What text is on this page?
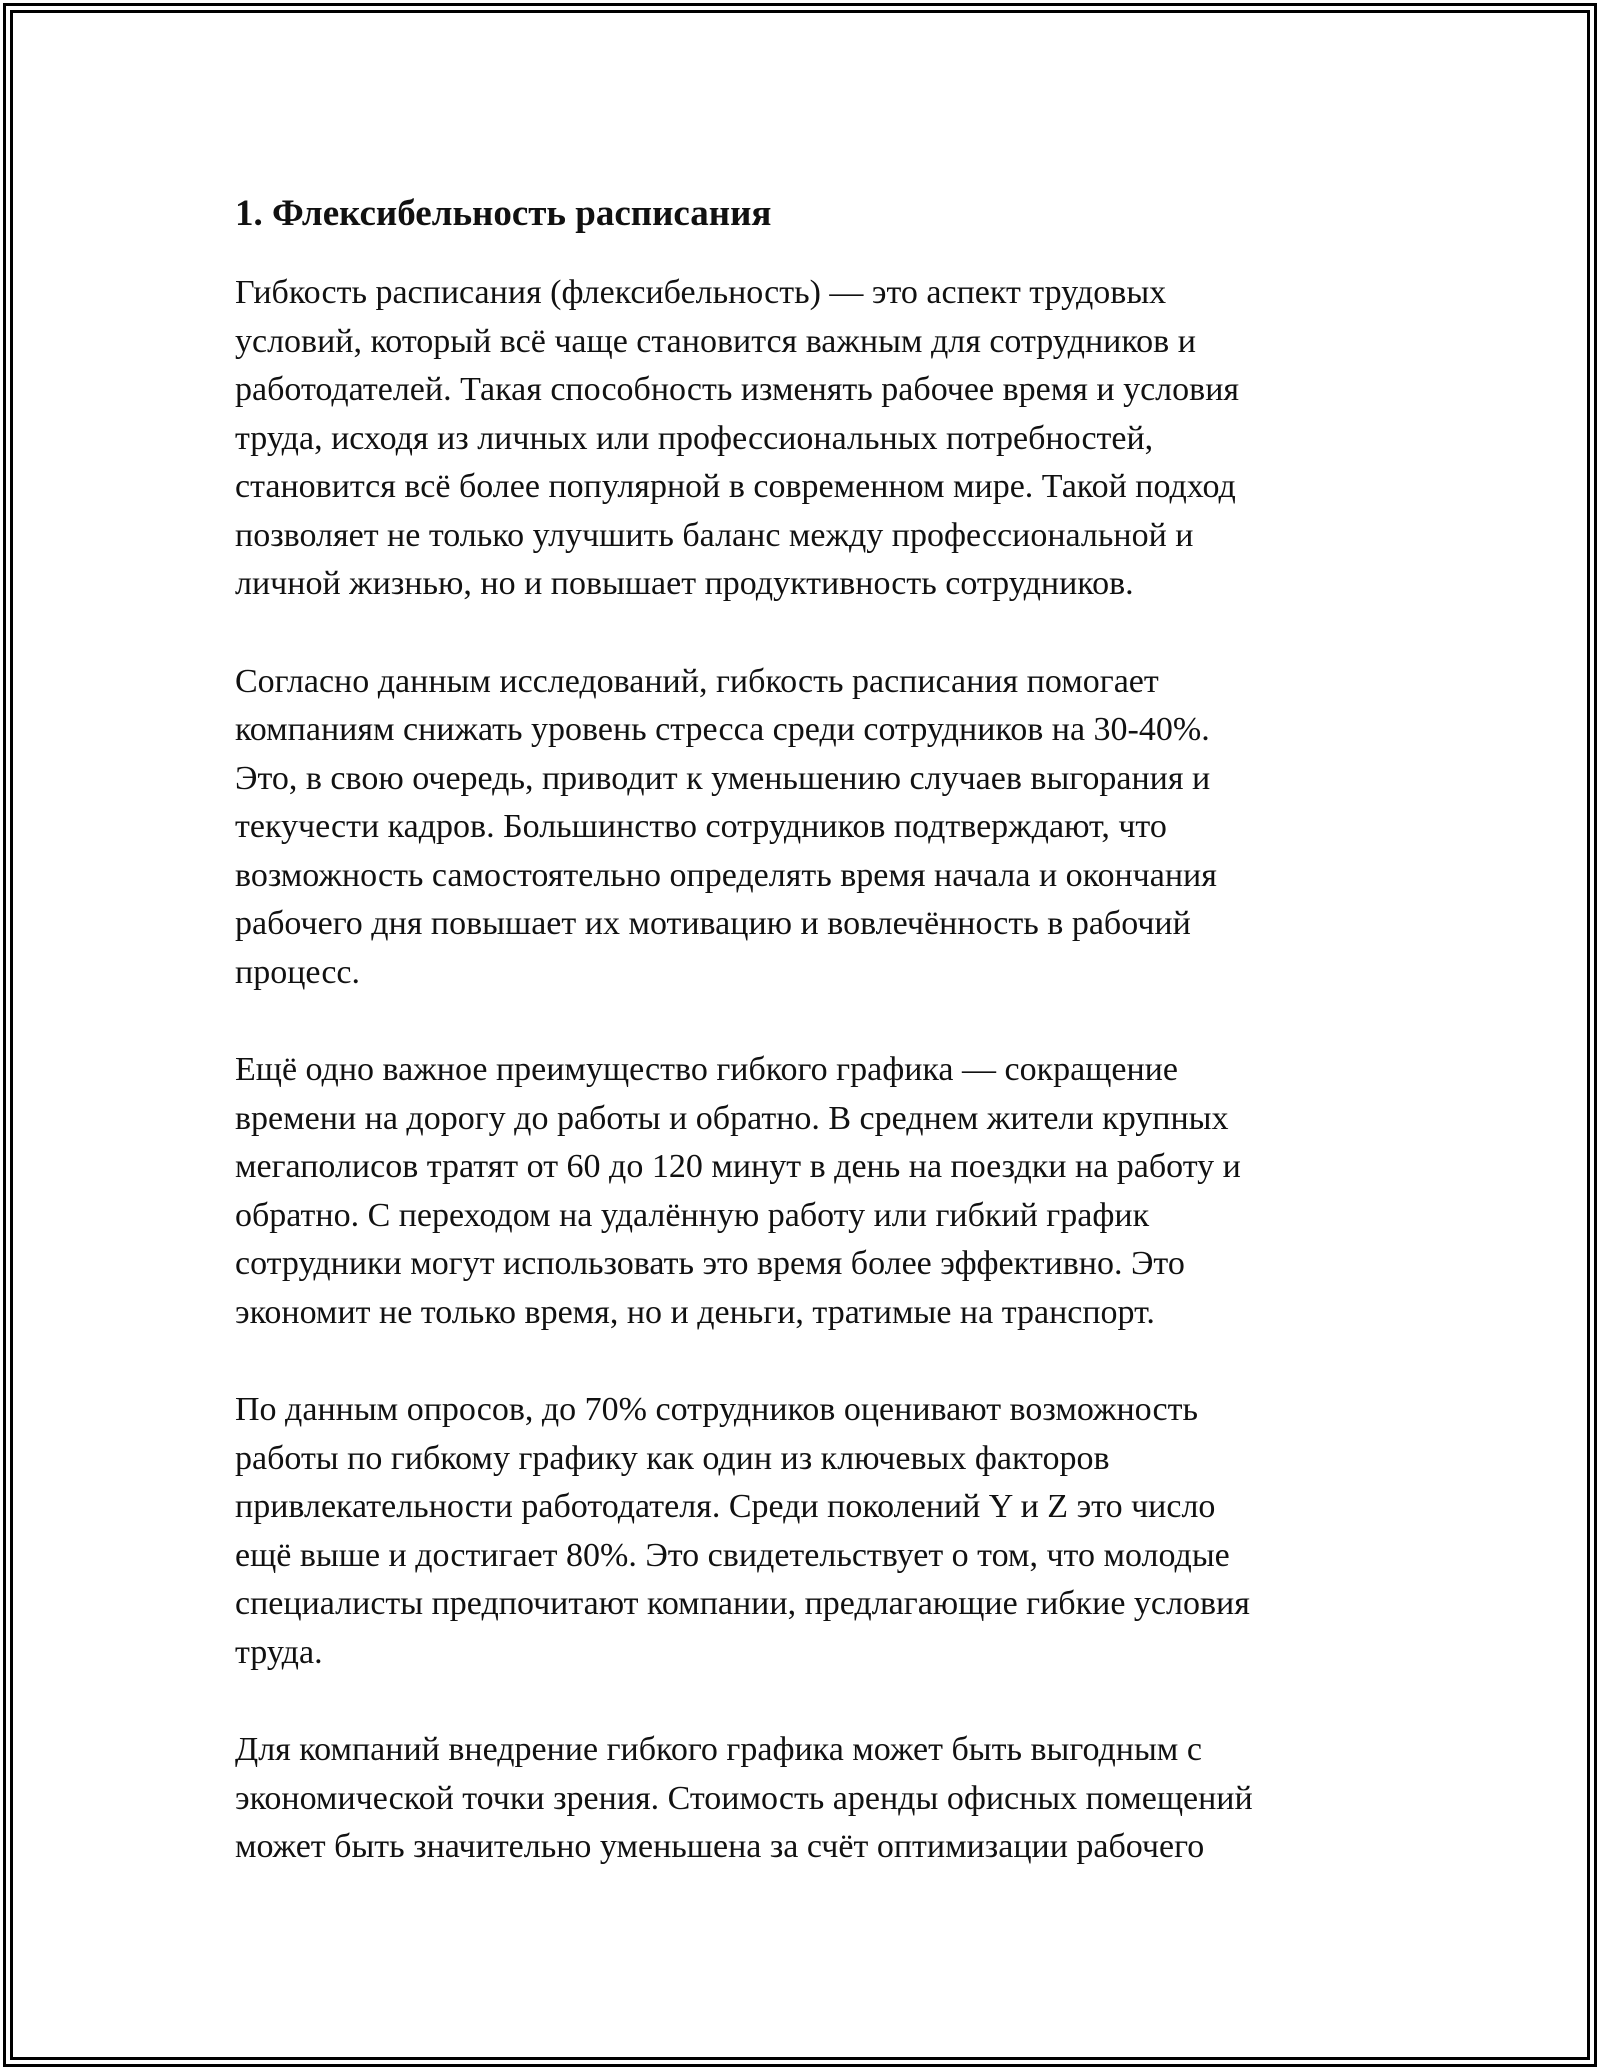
1. Флексибельность расписания

Гибкость расписания (флексибельность) — это аспект трудовых
условий, который всё чаще становится важным для сотрудников и
работодателей. Такая способность изменять рабочее время и условия
труда, исходя из личных или профессиональных потребностей,
становится всё более популярной в современном мире. Такой подход
позволяет не только улучшить баланс между профессиональной и
личной жизнью, но и повышает продуктивность сотрудников.

Согласно данным исследований, гибкость расписания помогает
компаниям снижать уровень стресса среди сотрудников на 30-40%.
Это, в свою очередь, приводит к уменьшению случаев выгорания и
текучести кадров. Большинство сотрудников подтверждают, что
возможность самостоятельно определять время начала и окончания
рабочего дня повышает их мотивацию и вовлечённость в рабочий
процесс.

Ещё одно важное преимущество гибкого графика — сокращение
времени на дорогу до работы и обратно. В среднем жители крупных
мегаполисов тратят от 60 до 120 минут в день на поездки на работу и
обратно. С переходом на удалённую работу или гибкий график
сотрудники могут использовать это время более эффективно. Это
экономит не только время, но и деньги, тратимые на транспорт.

По данным опросов, до 70% сотрудников оценивают возможность
работы по гибкому графику как один из ключевых факторов
привлекательности работодателя. Среди поколений Y и Z это число
ещё выше и достигает 80%. Это свидетельствует о том, что молодые
специалисты предпочитают компании, предлагающие гибкие условия
труда.

Для компаний внедрение гибкого графика может быть выгодным с
экономической точки зрения. Стоимость аренды офисных помещений
может быть значительно уменьшена за счёт оптимизации рабочего
